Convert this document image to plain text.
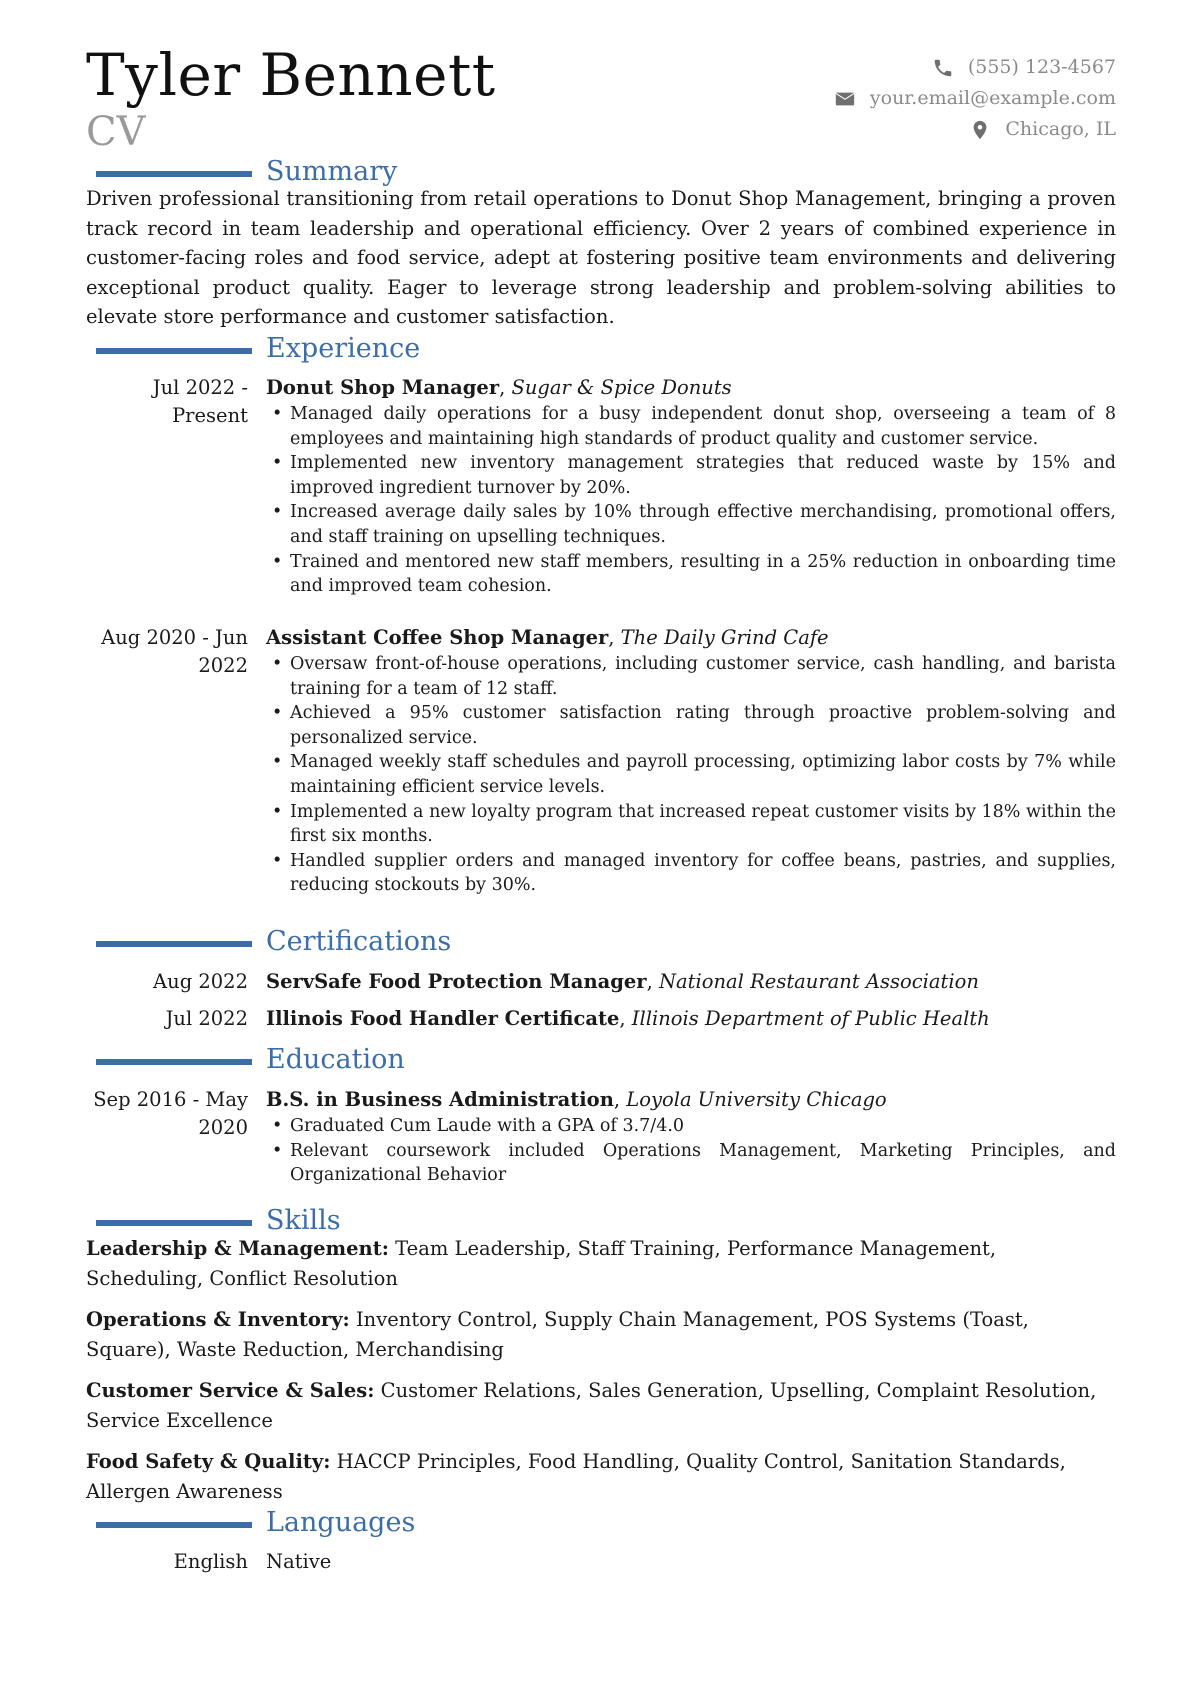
Tyler Bennett
CV
(555) 123-4567
your.email@example.com
Chicago, IL
Summary
Driven professional transitioning from retail operations to Donut Shop Management, bringing a proven track record in team leadership and operational efficiency. Over 2 years of combined experience in customer-facing roles and food service, adept at fostering positive team environments and delivering exceptional product quality. Eager to leverage strong leadership and problem-solving abilities to elevate store performance and customer satisfaction.
Experience
Jul 2022 - Present
Donut Shop Manager, Sugar & Spice Donuts
• Managed daily operations for a busy independent donut shop, overseeing a team of 8 employees and maintaining high standards of product quality and customer service.
• Implemented new inventory management strategies that reduced waste by 15% and improved ingredient turnover by 20%.
• Increased average daily sales by 10% through effective merchandising, promotional offers, and staff training on upselling techniques.
• Trained and mentored new staff members, resulting in a 25% reduction in onboarding time and improved team cohesion.
Aug 2020 - Jun 2022
Assistant Coffee Shop Manager, The Daily Grind Cafe
• Oversaw front-of-house operations, including customer service, cash handling, and barista training for a team of 12 staff.
• Achieved a 95% customer satisfaction rating through proactive problem-solving and personalized service.
• Managed weekly staff schedules and payroll processing, optimizing labor costs by 7% while maintaining efficient service levels.
• Implemented a new loyalty program that increased repeat customer visits by 18% within the first six months.
• Handled supplier orders and managed inventory for coffee beans, pastries, and supplies, reducing stockouts by 30%.
Certifications
Aug 2022 ServSafe Food Protection Manager, National Restaurant Association
Jul 2022 Illinois Food Handler Certificate, Illinois Department of Public Health
Education
Sep 2016 - May 2020
B.S. in Business Administration, Loyola University Chicago
• Graduated Cum Laude with a GPA of 3.7/4.0
• Relevant coursework included Operations Management, Marketing Principles, and Organizational Behavior
Skills
Leadership & Management: Team Leadership, Staff Training, Performance Management, Scheduling, Conflict Resolution
Operations & Inventory: Inventory Control, Supply Chain Management, POS Systems (Toast, Square), Waste Reduction, Merchandising
Customer Service & Sales: Customer Relations, Sales Generation, Upselling, Complaint Resolution, Service Excellence
Food Safety & Quality: HACCP Principles, Food Handling, Quality Control, Sanitation Standards, Allergen Awareness
Languages
English Native
